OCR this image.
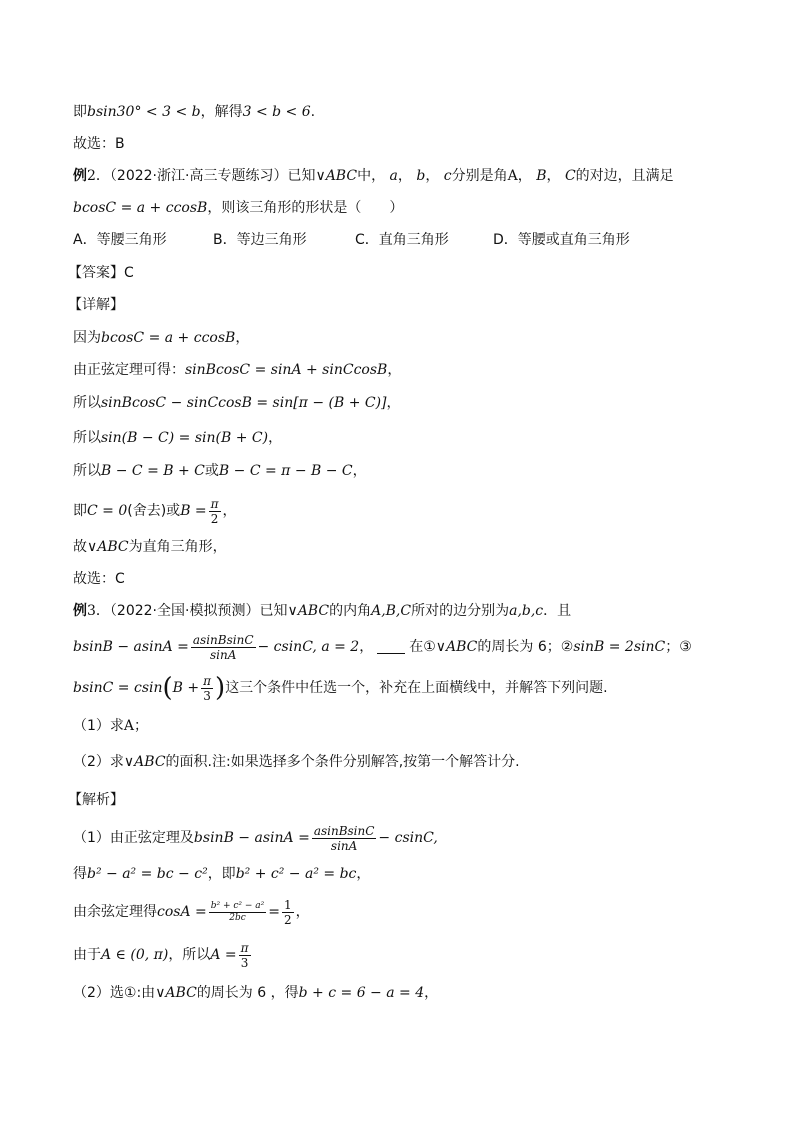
即bsin30° < 3 < b，解得3 < b < 6.
故选：B
例2．（2022·浙江·高三专题练习）已知∨ABC中， a， b， c分别是角A， B， C的对边，且满足
bcosC = a + ccosB，则该三角形的形状是（　　）
A．等腰三角形	B．等边三角形	C．直角三角形	D．等腰或直角三角形
【答案】C
【详解】
因为bcosC = a + ccosB，
由正弦定理可得：sinBcosC = sinA + sinCcosB，
所以sinBcosC − sinCcosB = sin[π − (B + C)]，
所以sin(B − C) = sin(B + C)，
所以B − C = B + C或B − C = π − B − C，
即C = 0(舍去)或$B = \frac{\pi}{2}$ ，
故∨ABC为直角三角形，
故选：C
例3．（2022·全国·模拟预测）已知∨ABC的内角A,B,C所对的边分别为a,b,c．且
$bsinB - asinA = \frac{\text{asinBsinC}}{\sin A} - csinC$, a = 2，	在①∨ABC的周长为 6；②sinB = 2sinC；③
$bsinC = csin(B + \frac{\pi}{3}$ )这三个条件中任选一个，补充在上面横线中，并解答下列问题.
（1）求A；
（2）求∨ABC的面积.注:如果选择多个条件分别解答,按第一个解答计分.
【解析】
（1）由正弦定理及$bsinB - asinA = \frac{\text{asinBsinC}}{\sin A} - csinC$,
得b² − a² = bc − c²，即b² + c² − a² = bc，
由余弦定理得$\cos A = \frac{\text{b² + c² − a²}}{2bc} = \frac{1}{2}$ ，
由于A ∈ (0, π)，所以$A = \frac{\pi}{3}$
（2）选①:由∨ABC的周长为 6 ，得b + c = 6 − a = 4，
